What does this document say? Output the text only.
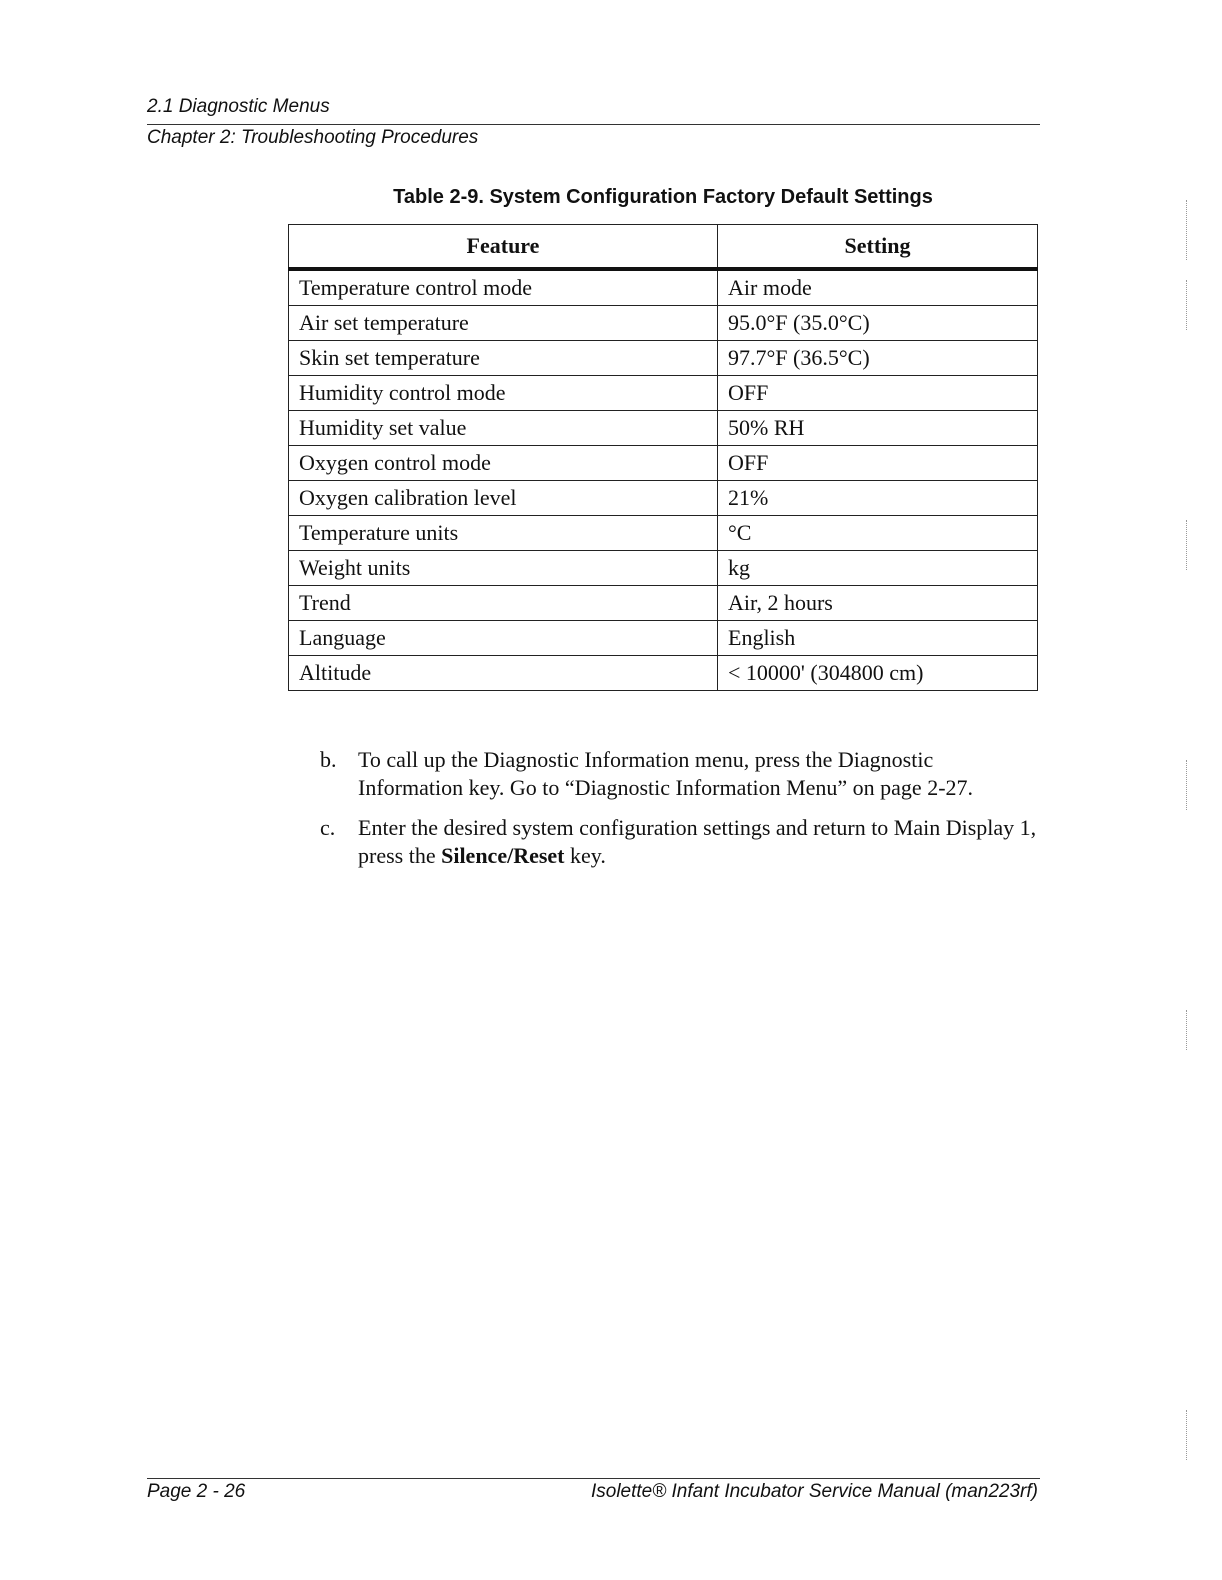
2.1 Diagnostic Menus
Chapter 2: Troubleshooting Procedures
Table 2-9. System Configuration Factory Default Settings
Feature	Setting
Temperature control mode	Air mode
Air set temperature	95.0°F (35.0°C)
Skin set temperature	97.7°F (36.5°C)
Humidity control mode	OFF
Humidity set value	50% RH
Oxygen control mode	OFF
Oxygen calibration level	21%
Temperature units	°C
Weight units	kg
Trend	Air, 2 hours
Language	English
Altitude	< 10000' (304800 cm)
b. To call up the Diagnostic Information menu, press the Diagnostic Information key. Go to “Diagnostic Information Menu” on page 2-27.
c. Enter the desired system configuration settings and return to Main Display 1, press the Silence/Reset key.
Page 2 - 26	Isolette® Infant Incubator Service Manual (man223rf)
